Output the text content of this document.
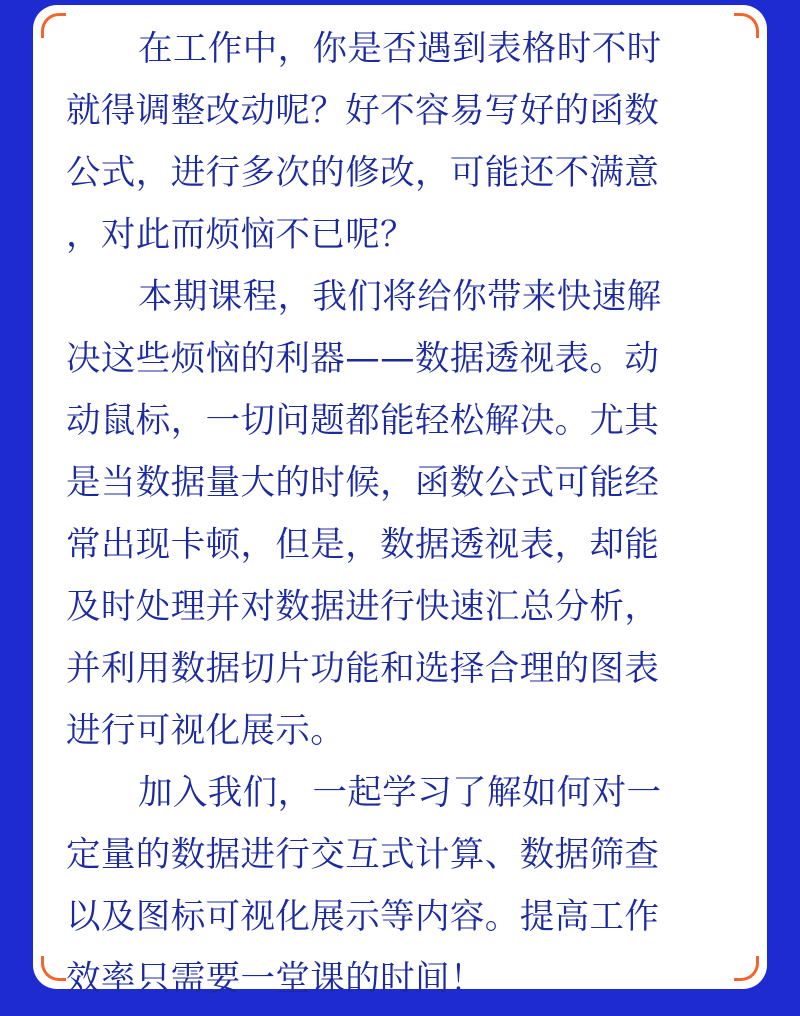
在工作中，你是否遇到表格时不时
就得调整改动呢？好不容易写好的函数
公式，进行多次的修改，可能还不满意
，对此而烦恼不已呢？
本期课程，我们将给你带来快速解
决这些烦恼的利器——数据透视表。动
动鼠标，一切问题都能轻松解决。尤其
是当数据量大的时候，函数公式可能经
常出现卡顿，但是，数据透视表，却能
及时处理并对数据进行快速汇总分析，
并利用数据切片功能和选择合理的图表
进行可视化展示。
加入我们，一起学习了解如何对一
定量的数据进行交互式计算、数据筛查
以及图标可视化展示等内容。提高工作
效率只需要一堂课的时间！
